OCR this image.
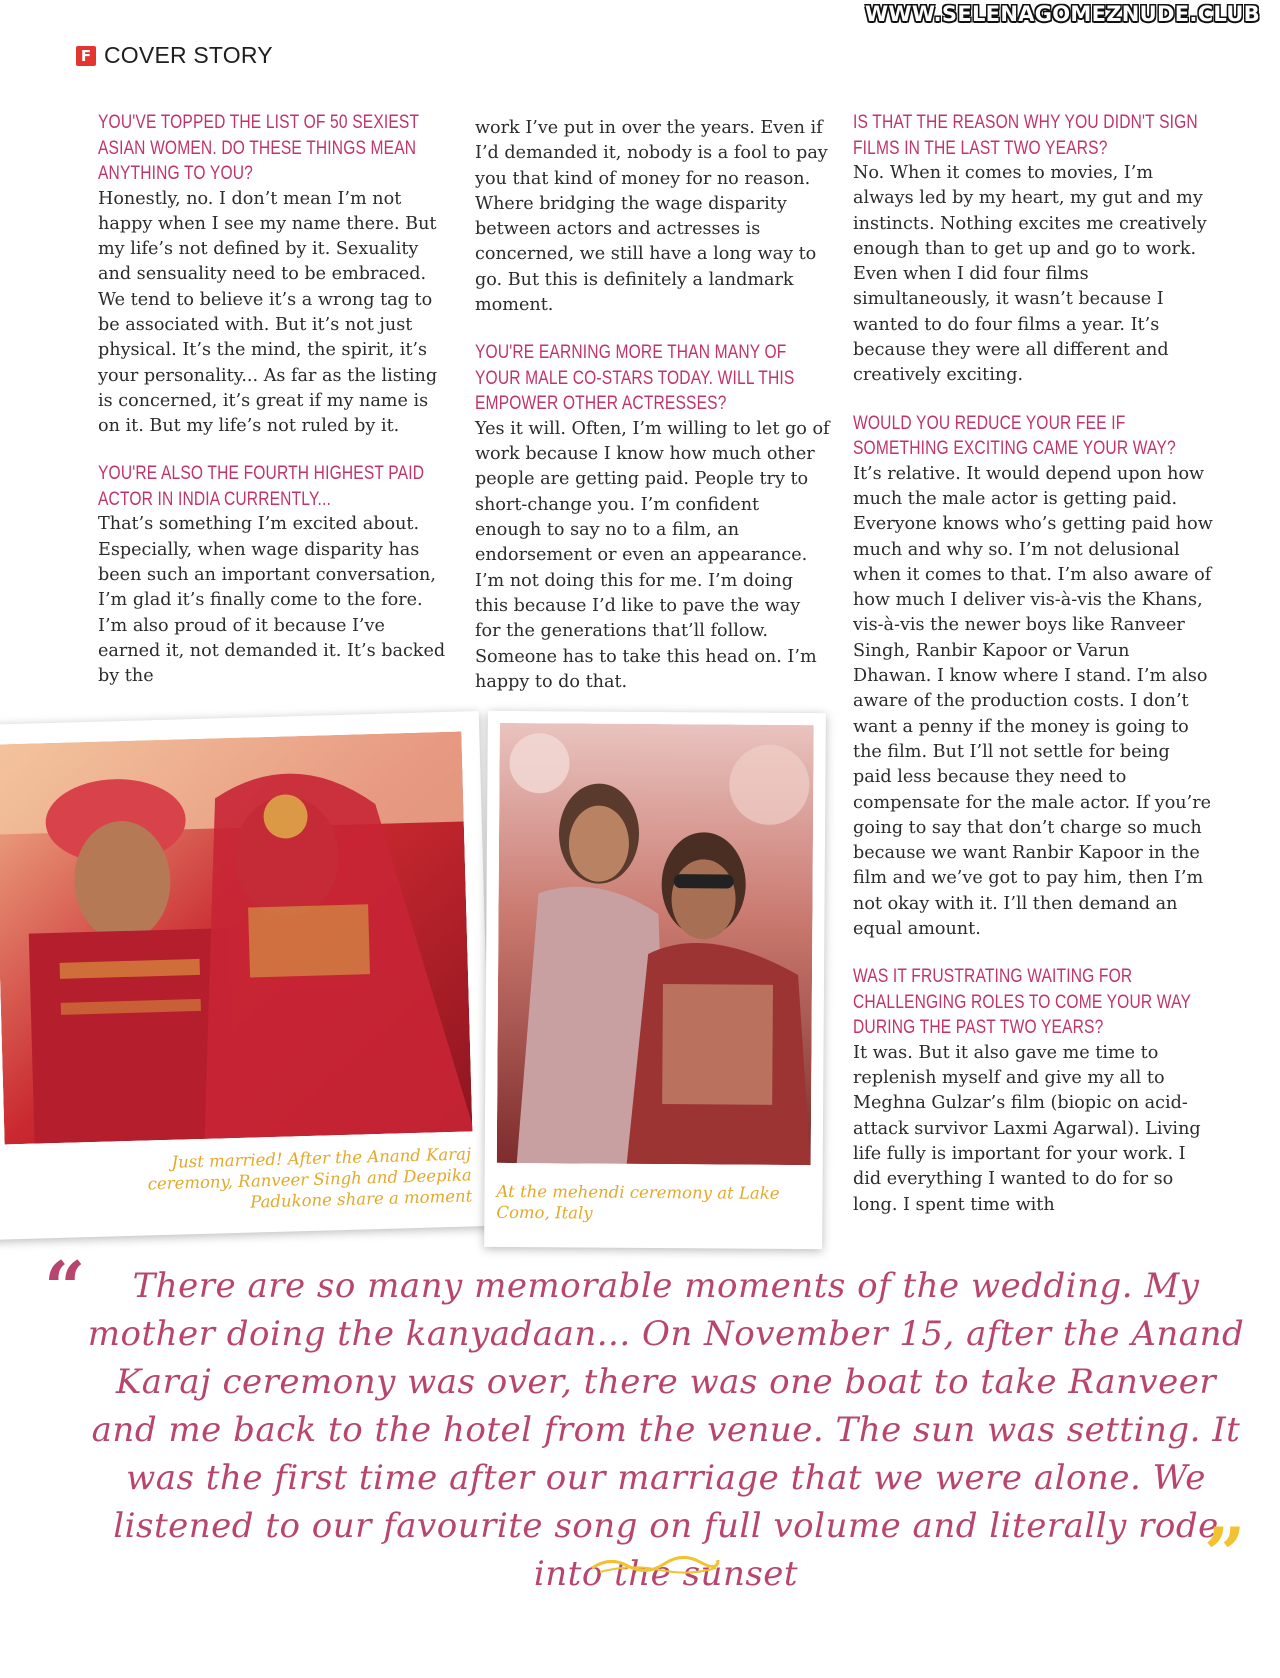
WWW.SELENAGOMEZNUDE.CLUB
F COVER STORY
YOU'VE TOPPED THE LIST OF 50 SEXIEST ASIAN WOMEN. DO THESE THINGS MEAN ANYTHING TO YOU?

Honestly, no. I don’t mean I’m not happy when I see my name there. But my life’s not defined by it. Sexuality and sensuality need to be embraced. We tend to believe it’s a wrong tag to be associated with. But it’s not just physical. It’s the mind, the spirit, it’s your personality... As far as the listing is concerned, it’s great if my name is on it. But my life’s not ruled by it.

YOU'RE ALSO THE FOURTH HIGHEST PAID ACTOR IN INDIA CURRENTLY...

That’s something I’m excited about. Especially, when wage disparity has been such an important conversation, I’m glad it’s finally come to the fore. I’m also proud of it because I’ve earned it, not demanded it. It’s backed by the

work I’ve put in over the years. Even if I’d demanded it, nobody is a fool to pay you that kind of money for no reason. Where bridging the wage disparity between actors and actresses is concerned, we still have a long way to go. But this is definitely a landmark moment.

YOU'RE EARNING MORE THAN MANY OF YOUR MALE CO-STARS TODAY. WILL THIS EMPOWER OTHER ACTRESSES?

Yes it will. Often, I’m willing to let go of work because I know how much other people are getting paid. People try to short-change you. I’m confident enough to say no to a film, an endorsement or even an appearance. I’m not doing this for me. I’m doing this because I’d like to pave the way for the generations that’ll follow. Someone has to take this head on. I’m happy to do that.

IS THAT THE REASON WHY YOU DIDN'T SIGN FILMS IN THE LAST TWO YEARS?

No. When it comes to movies, I’m always led by my heart, my gut and my instincts. Nothing excites me creatively enough than to get up and go to work. Even when I did four films simultaneously, it wasn’t because I wanted to do four films a year. It’s because they were all different and creatively exciting.

WOULD YOU REDUCE YOUR FEE IF SOMETHING EXCITING CAME YOUR WAY?

It’s relative. It would depend upon how much the male actor is getting paid. Everyone knows who’s getting paid how much and why so. I’m not delusional when it comes to that. I’m also aware of how much I deliver vis-à-vis the Khans, vis-à-vis the newer boys like Ranveer Singh, Ranbir Kapoor or Varun Dhawan. I know where I stand. I’m also aware of the production costs. I don’t want a penny if the money is going to the film. But I’ll not settle for being paid less because they need to compensate for the male actor. If you’re going to say that don’t charge so much because we want Ranbir Kapoor in the film and we’ve got to pay him, then I’m not okay with it. I’ll then demand an equal amount.

WAS IT FRUSTRATING WAITING FOR CHALLENGING ROLES TO COME YOUR WAY DURING THE PAST TWO YEARS?

It was. But it also gave me time to replenish myself and give my all to Meghna Gulzar’s film (biopic on acid-attack survivor Laxmi Agarwal). Living life fully is important for your work. I did everything I wanted to do for so long. I spent time with

Just married! After the Anand Karaj ceremony, Ranveer Singh and Deepika Padukone share a moment At the mehendi ceremony at Lake Como, Italy
“	There are so many memorable moments of the wedding. My mother doing the kanyadaan... On November 15, after the Anand Karaj ceremony was over, there was one boat to take Ranveer and me back to the hotel from the venue. The sun was setting. It was the first time after our marriage that we were alone. We listened to our favourite song on full volume and literally rode into the sunset	”
